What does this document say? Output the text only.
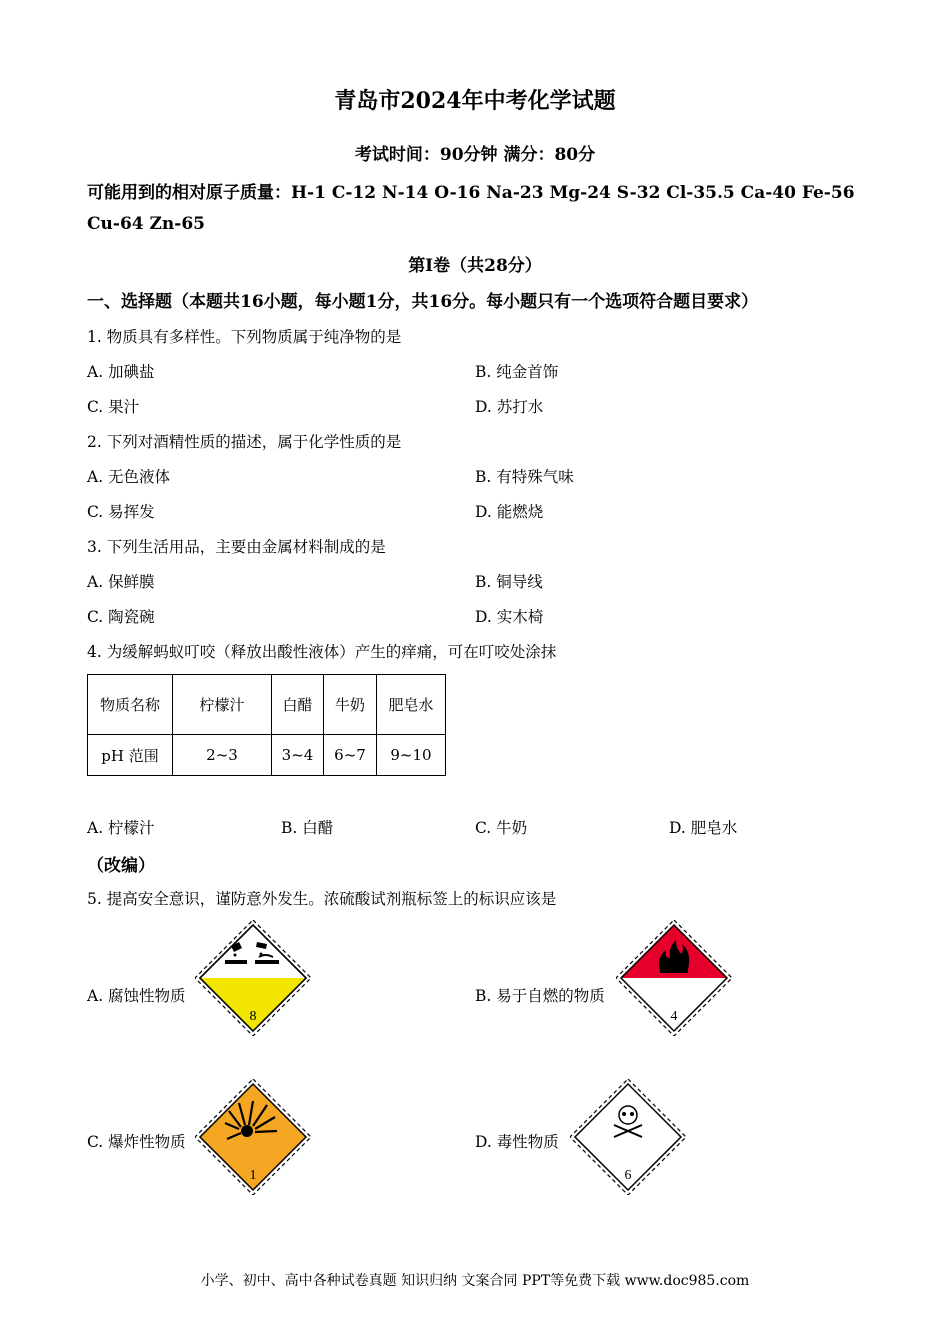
青岛市2024年中考化学试题
考试时间：90分钟 满分：80分
可能用到的相对原子质量：H-1 C-12 N-14 O-16 Na-23 Mg-24 S-32 Cl-35.5 Ca-40 Fe-56
Cu-64 Zn-65
第Ⅰ卷（共28分）
一、选择题（本题共16小题，每小题1分，共16分。每小题只有一个选项符合题目要求）
1. 物质具有多样性。下列物质属于纯净物的是
A. 加碘盐	B. 纯金首饰
C. 果汁	D. 苏打水
2. 下列对酒精性质的描述，属于化学性质的是
A. 无色液体	B. 有特殊气味
C. 易挥发	D. 能燃烧
3. 下列生活用品，主要由金属材料制成的是
A. 保鲜膜	B. 铜导线
C. 陶瓷碗	D. 实木椅
4. 为缓解蚂蚁叮咬（释放出酸性液体）产生的痒痛，可在叮咬处涂抹
物质名称	柠檬汁	白醋	牛奶	肥皂水
pH 范围	2~3	3~4	6~7	9~10
A. 柠檬汁	B. 白醋	C. 牛奶	D. 肥皂水
（改编）
5. 提高安全意识，谨防意外发生。浓硫酸试剂瓶标签上的标识应该是
A. 腐蚀性物质	B. 易于自燃的物质
C. 爆炸性物质	D. 毒性物质
8	4
1	6
小学、初中、高中各种试卷真题 知识归纳 文案合同 PPT等免费下载 www.doc985.com
